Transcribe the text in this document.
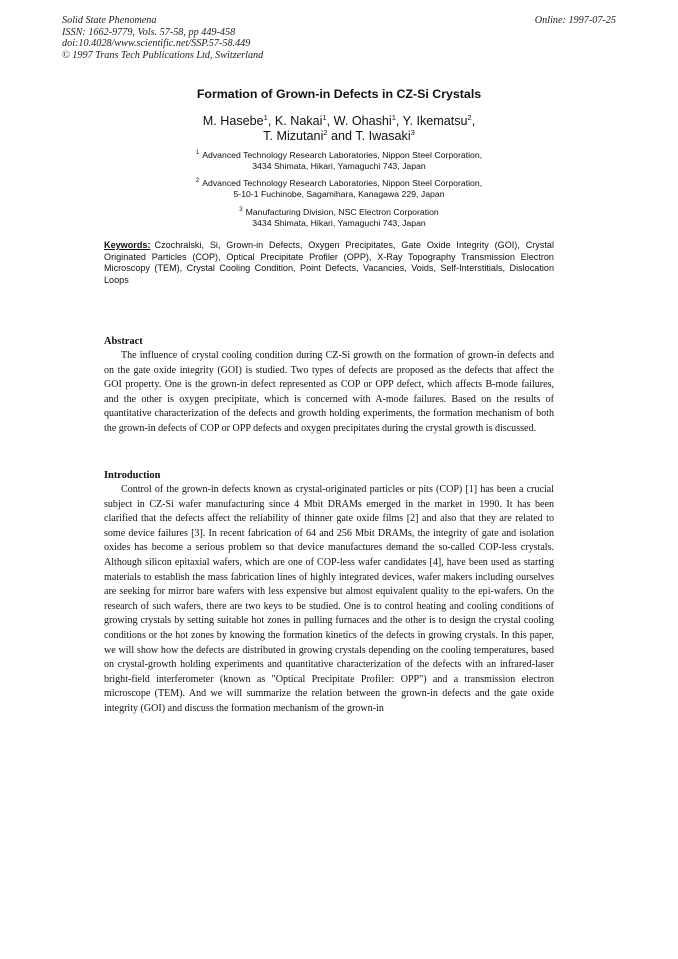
Solid State Phenomena
ISSN: 1662-9779, Vols. 57-58, pp 449-458
doi:10.4028/www.scientific.net/SSP.57-58.449
© 1997 Trans Tech Publications Ltd, Switzerland
Online: 1997-07-25
Formation of Grown-in Defects in CZ-Si Crystals
M. Hasebe$^1$, K. Nakai$^1$, W. Ohashi$^1$, Y. Ikematsu$^2$,
T. Mizutani$^2$ and T. Iwasaki$^3$
$^1$ Advanced Technology Research Laboratories, Nippon Steel Corporation,
3434 Shimata, Hikari, Yamaguchi 743, Japan
$^2$ Advanced Technology Research Laboratories, Nippon Steel Corporation,
5-10-1 Fuchinobe, Sagamihara, Kanagawa 229, Japan
$^3$ Manufacturing Division, NSC Electron Corporation
3434 Shimata, Hikari, Yamaguchi 743, Japan
Keywords: Czochralski, Si, Grown-in Defects, Oxygen Precipitates, Gate Oxide Integrity (GOI), Crystal Originated Particles (COP), Optical Precipitate Profiler (OPP), X-Ray Topography Transmission Electron Microscopy (TEM), Crystal Cooling Condition, Point Defects, Vacancies, Voids, Self-Interstitials, Dislocation Loops
Abstract

The influence of crystal cooling condition during CZ-Si growth on the formation of grown-in defects and on the gate oxide integrity (GOI) is studied. Two types of defects are proposed as the defects that affect the GOI property. One is the grown-in defect represented as COP or OPP defect, which affects B-mode failures, and the other is oxygen precipitate, which is concerned with A-mode failures. Based on the results of quantitative characterization of the defects and growth holding experiments, the formation mechanism of both the grown-in defects of COP or OPP defects and oxygen precipitates during the crystal growth is discussed.

Introduction

Control of the grown-in defects known as crystal-originated particles or pits (COP) [1] has been a crucial subject in CZ-Si wafer manufacturing since 4 Mbit DRAMs emerged in the market in 1990. It has been clarified that the defects affect the reliability of thinner gate oxide films [2] and also that they are related to some device failures [3]. In recent fabrication of 64 and 256 Mbit DRAMs, the integrity of gate and isolation oxides has become a serious problem so that device manufactures demand the so-called COP-less crystals. Although silicon epitaxial wafers, which are one of COP-less wafer candidates [4], have been used as starting materials to establish the mass fabrication lines of highly integrated devices, wafer makers including ourselves are seeking for mirror bare wafers with less expensive but almost equivalent quality to the epi-wafers. On the research of such wafers, there are two keys to be studied. One is to control heating and cooling conditions of growing crystals by setting suitable hot zones in pulling furnaces and the other is to design the crystal cooling conditions or the hot zones by knowing the formation kinetics of the defects in growing crystals. In this paper, we will show how the defects are distributed in growing crystals depending on the cooling temperatures, based on crystal-growth holding experiments and quantitative characterization of the defects with an infrared-laser bright-field interferometer (known as "Optical Precipitate Profiler: OPP") and a transmission electron microscope (TEM). And we will summarize the relation between the grown-in defects and the gate oxide integrity (GOI) and discuss the formation mechanism of the grown-in
